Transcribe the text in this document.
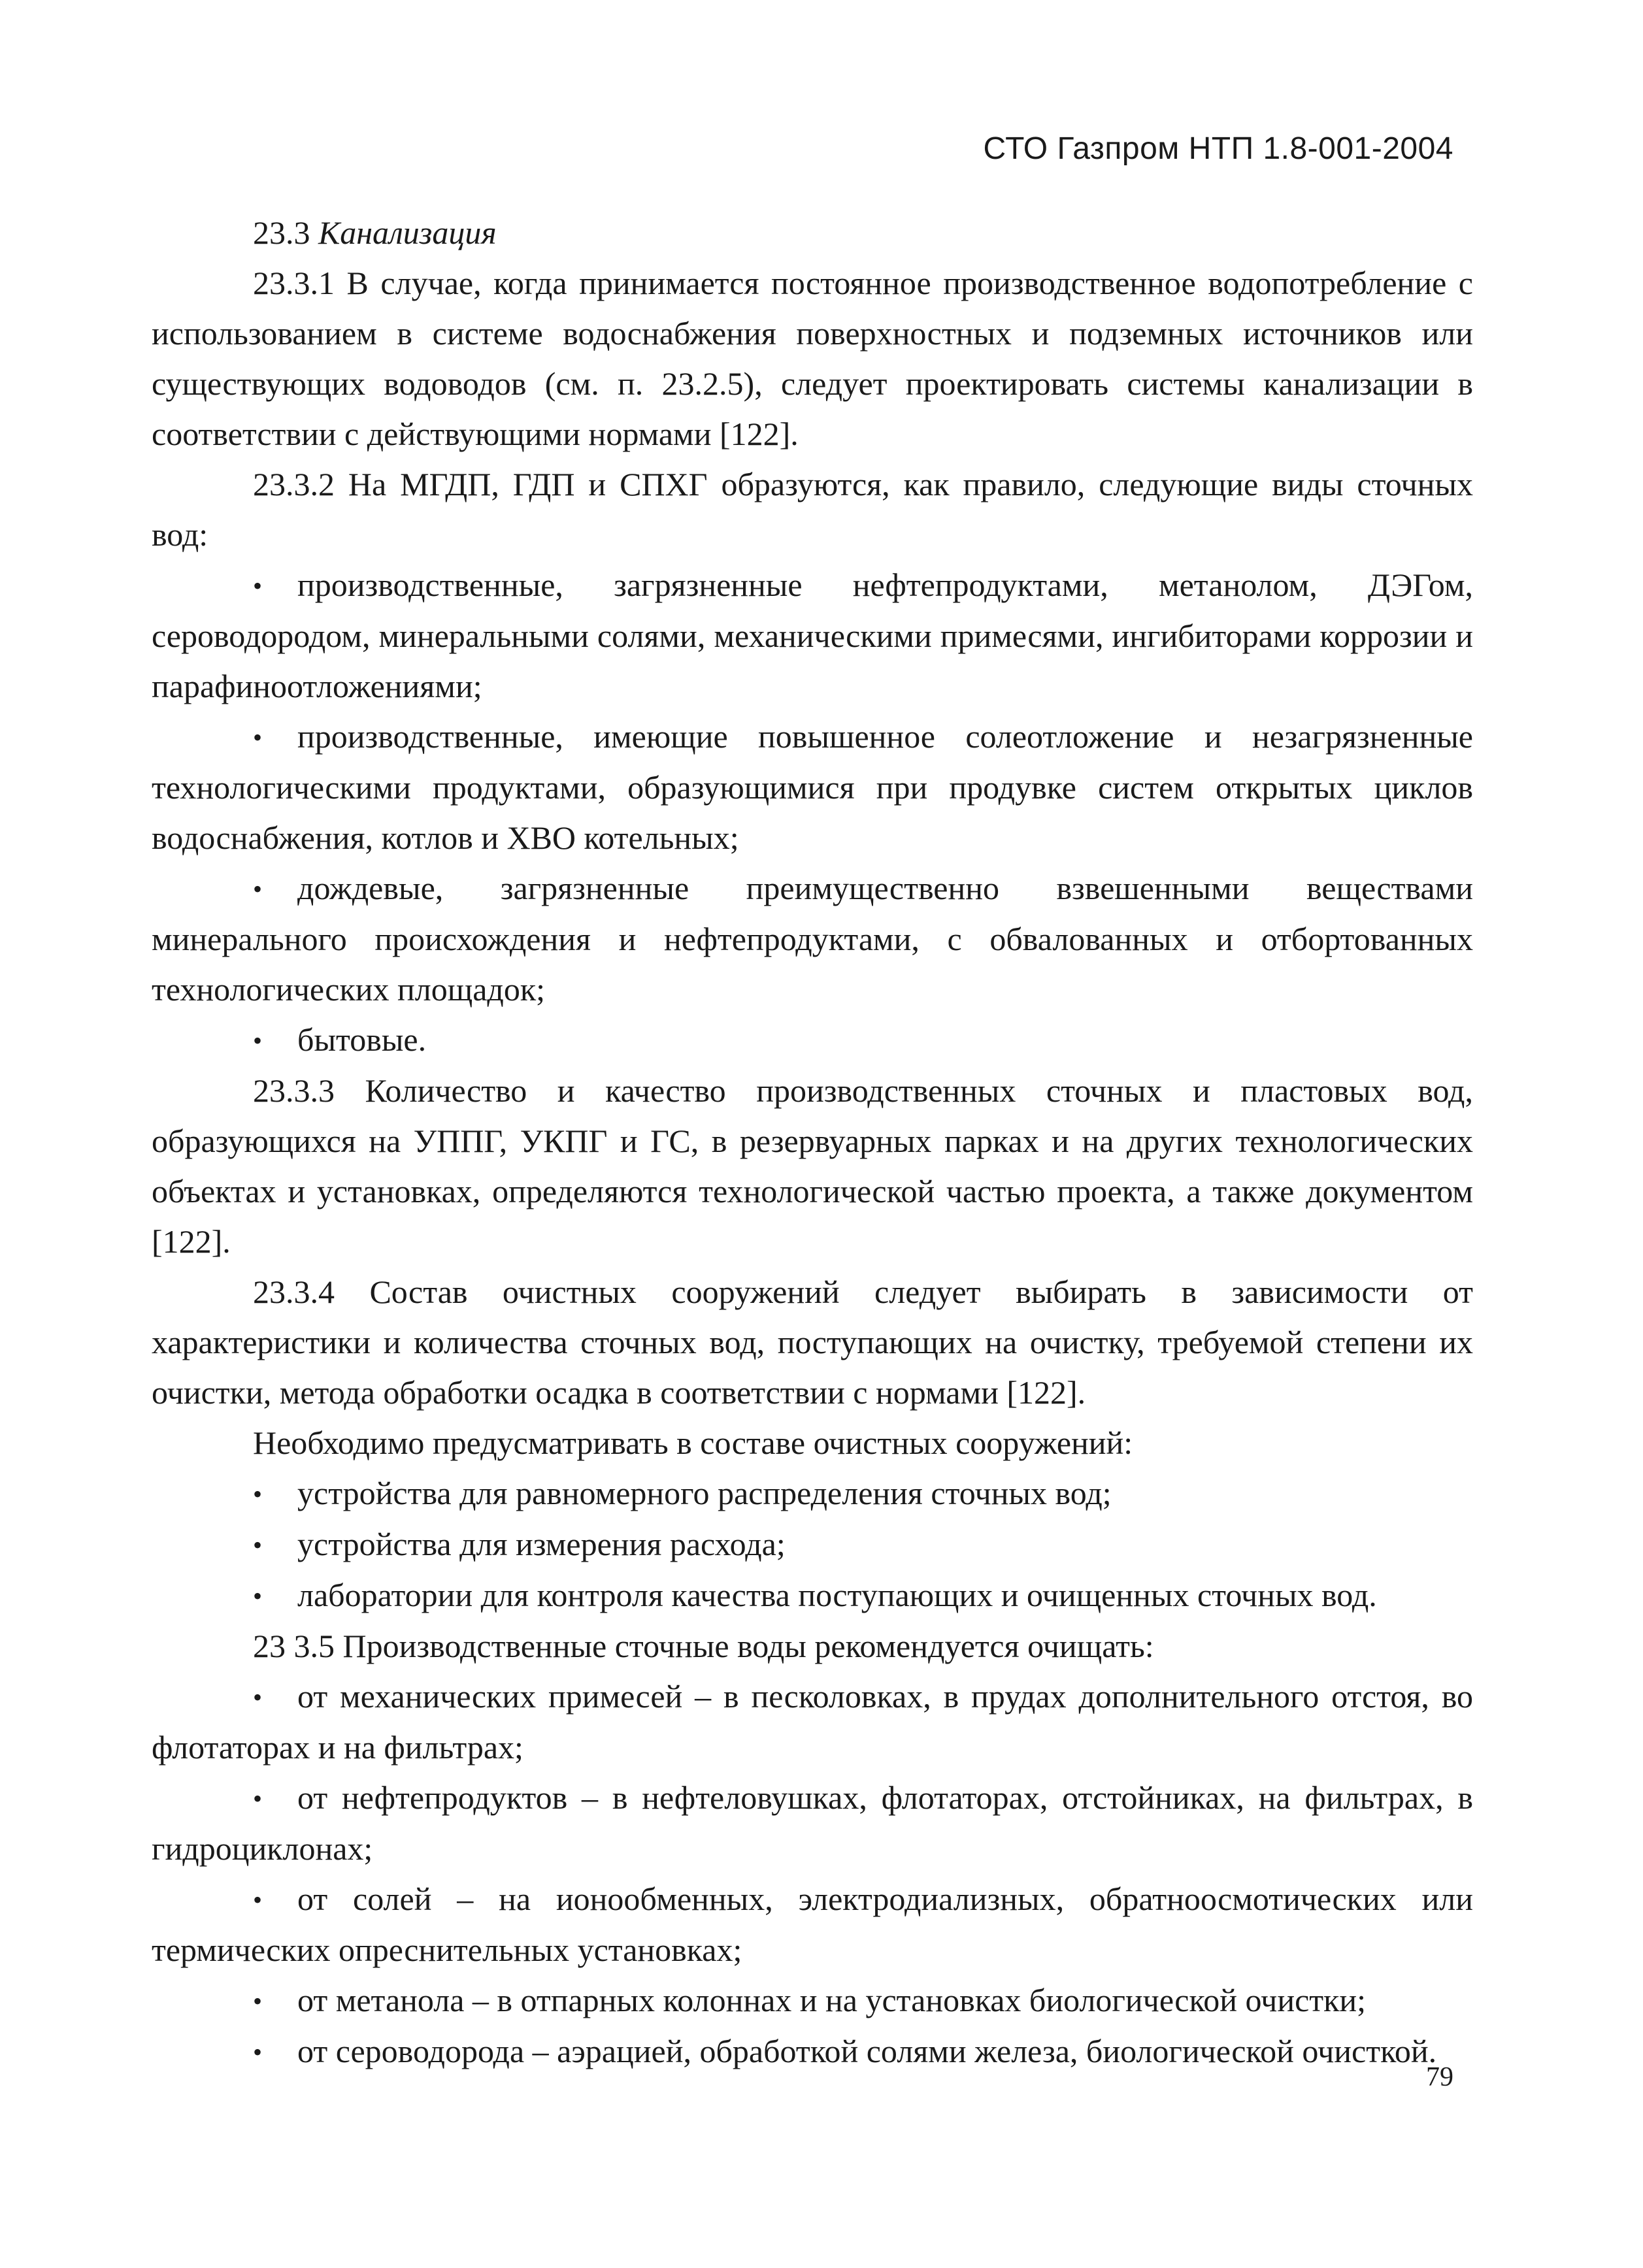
СТО Газпром НТП 1.8-001-2004

23.3 Канализация

23.3.1 В случае, когда принимается постоянное производственное водопотребление с использованием в системе водоснабжения поверхностных и подземных источников или существующих водоводов (см. п. 23.2.5), следует проектировать системы канализации в соответствии с действующими нормами [122].

23.3.2 На МГДП, ГДП и СПХГ образуются, как правило, следующие виды сточных вод:

• производственные, загрязненные нефтепродуктами, метанолом, ДЭГом, сероводородом, минеральными солями, механическими примесями, ингибиторами коррозии и парафиноотложениями;

• производственные, имеющие повышенное солеотложение и незагрязненные технологическими продуктами, образующимися при продувке систем открытых циклов водоснабжения, котлов и ХВО котельных;

• дождевые, загрязненные преимущественно взвешенными веществами минерального происхождения и нефтепродуктами, с обвалованных и отбортованных технологических площадок;

• бытовые.

23.3.3 Количество и качество производственных сточных и пластовых вод, образующихся на УППГ, УКПГ и ГС, в резервуарных парках и на других технологических объектах и установках, определяются технологической частью проекта, а также документом [122].

23.3.4 Состав очистных сооружений следует выбирать в зависимости от характеристики и количества сточных вод, поступающих на очистку, требуемой степени их очистки, метода обработки осадка в соответствии с нормами [122].

Необходимо предусматривать в составе очистных сооружений:

• устройства для равномерного распределения сточных вод;

• устройства для измерения расхода;

• лаборатории для контроля качества поступающих и очищенных сточных вод.

23 3.5 Производственные сточные воды рекомендуется очищать:

• от механических примесей – в песколовках, в прудах дополнительного отстоя, во флотаторах и на фильтрах;

• от нефтепродуктов – в нефтеловушках, флотаторах, отстойниках, на фильтрах, в гидроциклонах;

• от солей – на ионообменных, электродиализных, обратноосмотических или термических опреснительных установках;

• от метанола – в отпарных колоннах и на установках биологической очистки;

• от сероводорода – аэрацией, обработкой солями железа, биологической очисткой.

79
